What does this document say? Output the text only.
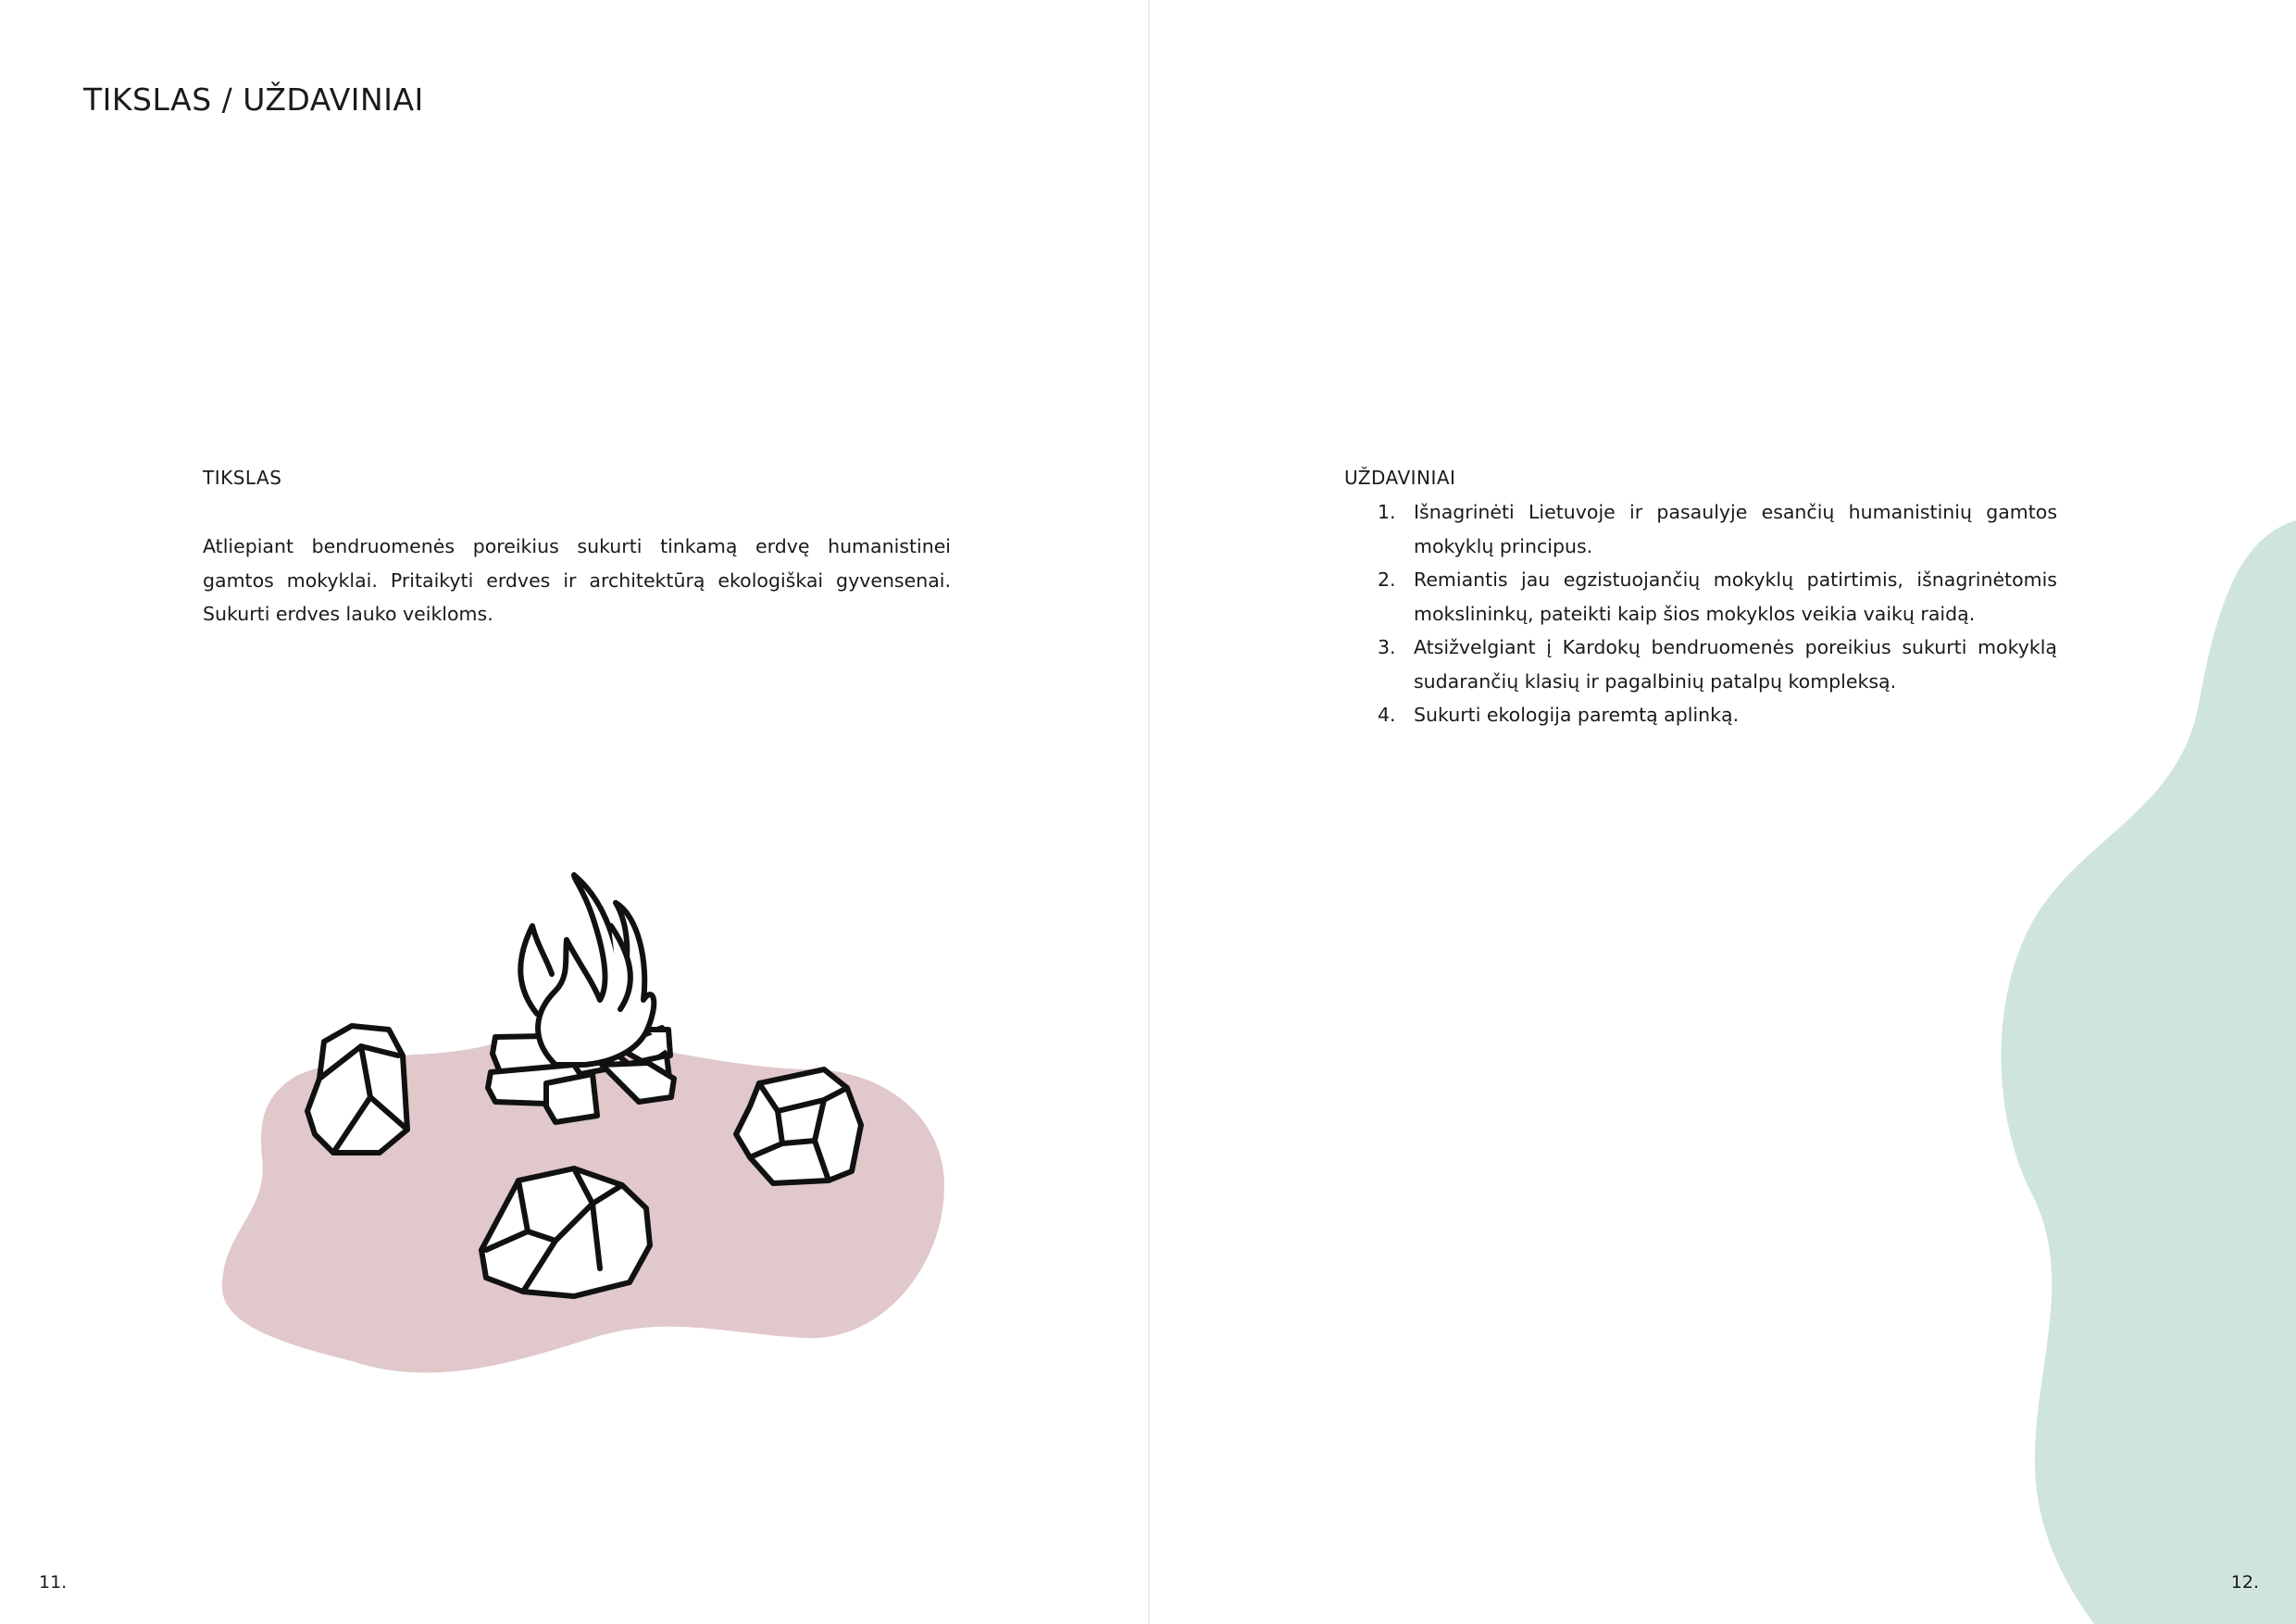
TIKSLAS / UŽDAVINIAI
TIKSLAS

Atliepiant bendruomenės poreikius sukurti tinkamą erdvę humanistinei gamtos mokyklai. Pritaikyti erdves ir architektūrą ekologiškai gyvensenai. Sukurti erdves lauko veikloms.

11.

UŽDAVINIAI
1. Išnagrinėti Lietuvoje ir pasaulyje esančių humanistinių gamtos mokyklų principus.
2. Remiantis jau egzistuojančių mokyklų patirtimis, išnagrinėtomis mokslininkų, pateikti kaip šios mokyklos veikia vaikų raidą.
3. Atsižvelgiant į Kardokų bendruomenės poreikius sukurti mokyklą sudarančių klasių ir pagalbinių patalpų kompleksą.
4. Sukurti ekologija paremtą aplinką.

12.
